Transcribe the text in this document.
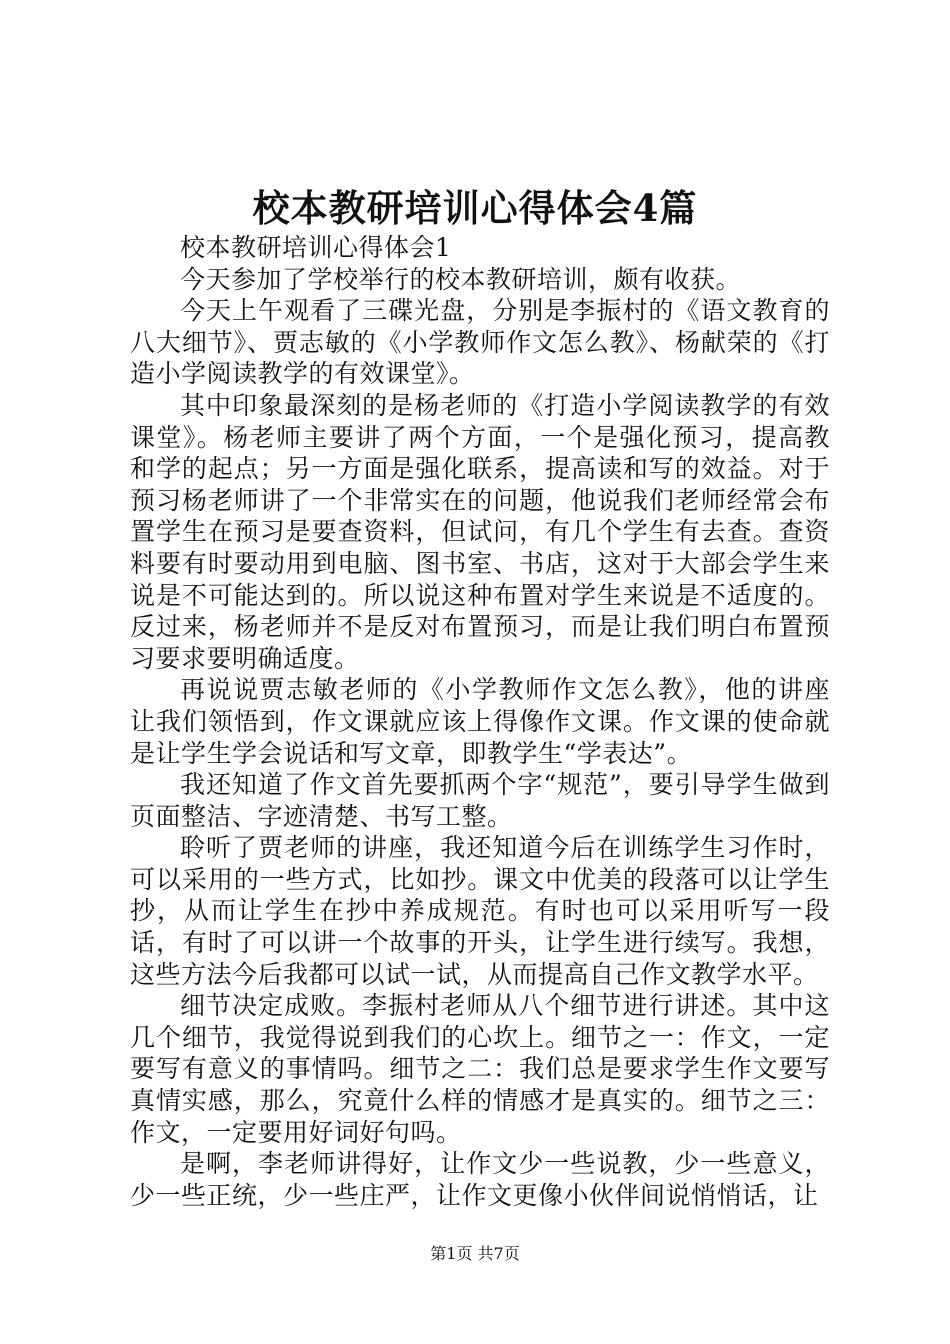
校本教研培训心得体会4篇

校本教研培训心得体会1

今天参加了学校举行的校本教研培训，颇有收获。

今天上午观看了三碟光盘，分别是李振村的《语文教育的八大细节》、贾志敏的《小学教师作文怎么教》、杨献荣的《打造小学阅读教学的有效课堂》。

其中印象最深刻的是杨老师的《打造小学阅读教学的有效课堂》。杨老师主要讲了两个方面，一个是强化预习，提高教和学的起点；另一方面是强化联系，提高读和写的效益。对于预习杨老师讲了一个非常实在的问题，他说我们老师经常会布置学生在预习是要查资料，但试问，有几个学生有去查。查资料要有时要动用到电脑、图书室、书店，这对于大部会学生来说是不可能达到的。所以说这种布置对学生来说是不适度的。反过来，杨老师并不是反对布置预习，而是让我们明白布置预习要求要明确适度。

再说说贾志敏老师的《小学教师作文怎么教》，他的讲座让我们领悟到，作文课就应该上得像作文课。作文课的使命就是让学生学会说话和写文章，即教学生“学表达”。

我还知道了作文首先要抓两个字“规范”，要引导学生做到页面整洁、字迹清楚、书写工整。

聆听了贾老师的讲座，我还知道今后在训练学生习作时，可以采用的一些方式，比如抄。课文中优美的段落可以让学生抄，从而让学生在抄中养成规范。有时也可以采用听写一段话，有时了可以讲一个故事的开头，让学生进行续写。我想，这些方法今后我都可以试一试，从而提高自己作文教学水平。

细节决定成败。李振村老师从八个细节进行讲述。其中这几个细节，我觉得说到我们的心坎上。细节之一：作文，一定要写有意义的事情吗。细节之二：我们总是要求学生作文要写真情实感，那么，究竟什么样的情感才是真实的。细节之三：作文，一定要用好词好句吗。

是啊，李老师讲得好，让作文少一些说教，少一些意义，少一些正统，少一些庄严，让作文更像小伙伴间说悄悄话，让

第1页 共7页
